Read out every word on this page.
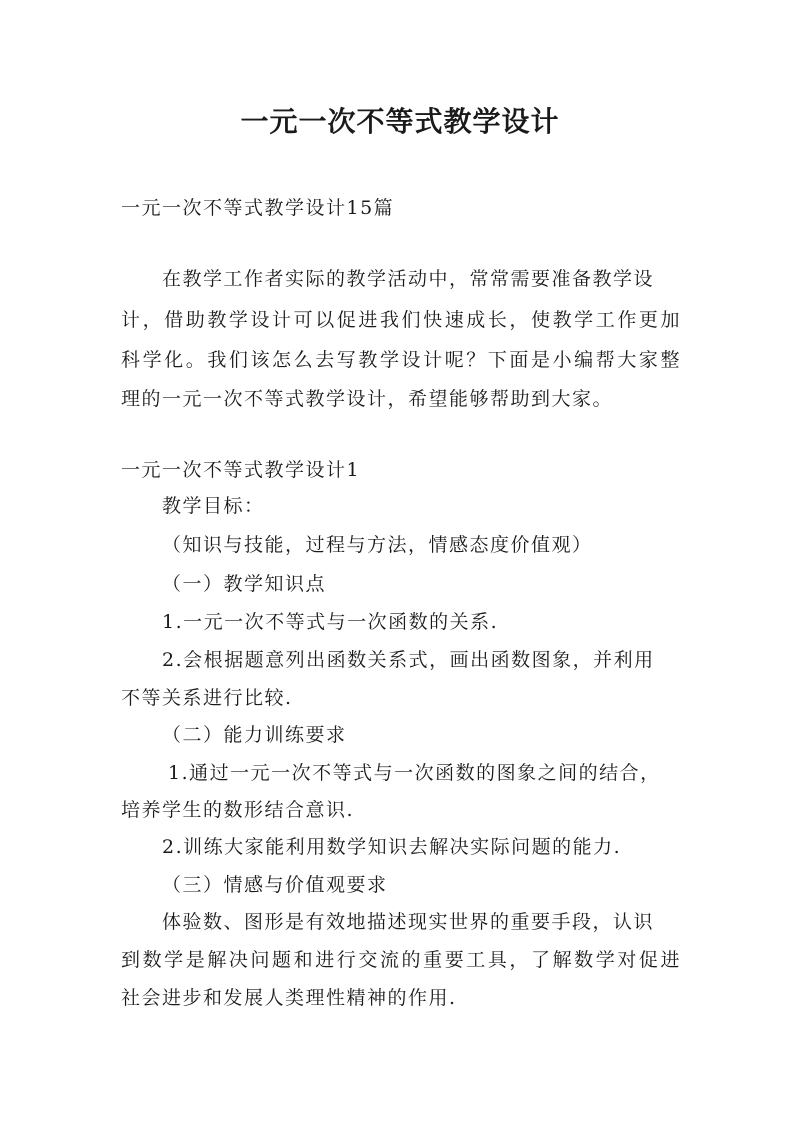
一元一次不等式教学设计
一元一次不等式教学设计15篇
在教学工作者实际的教学活动中，常常需要准备教学设
计，借助教学设计可以促进我们快速成长，使教学工作更加
科学化。我们该怎么去写教学设计呢？下面是小编帮大家整
理的一元一次不等式教学设计，希望能够帮助到大家。
一元一次不等式教学设计1
教学目标：
（知识与技能，过程与方法，情感态度价值观）
（一）教学知识点
1.一元一次不等式与一次函数的关系.
2.会根据题意列出函数关系式，画出函数图象，并利用
不等关系进行比较.
（二）能力训练要求
1.通过一元一次不等式与一次函数的图象之间的结合，
培养学生的数形结合意识.
2.训练大家能利用数学知识去解决实际问题的能力.
（三）情感与价值观要求
体验数、图形是有效地描述现实世界的重要手段，认识
到数学是解决问题和进行交流的重要工具，了解数学对促进
社会进步和发展人类理性精神的作用.
